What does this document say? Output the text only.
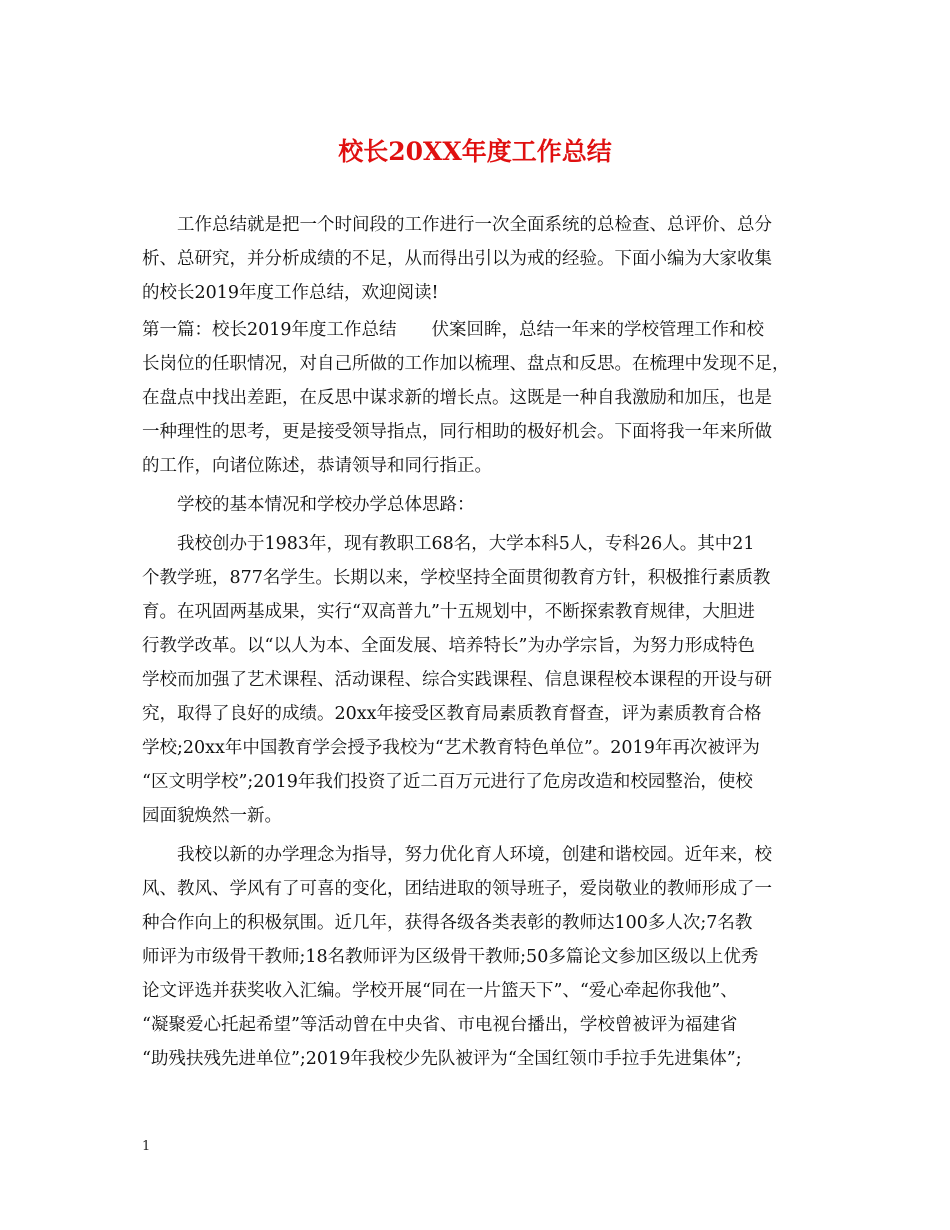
校长20XX年度工作总结
工作总结就是把一个时间段的工作进行一次全面系统的总检查、总评价、总分
析、总研究，并分析成绩的不足，从而得出引以为戒的经验。下面小编为大家收集
的校长2019年度工作总结，欢迎阅读!
第一篇：校长2019年度工作总结　　伏案回眸，总结一年来的学校管理工作和校
长岗位的任职情况，对自己所做的工作加以梳理、盘点和反思。在梳理中发现不足，
在盘点中找出差距，在反思中谋求新的增长点。这既是一种自我激励和加压，也是
一种理性的思考，更是接受领导指点，同行相助的极好机会。下面将我一年来所做
的工作，向诸位陈述，恭请领导和同行指正。
学校的基本情况和学校办学总体思路：
我校创办于1983年，现有教职工68名，大学本科5人，专科26人。其中21
个教学班，877名学生。长期以来，学校坚持全面贯彻教育方针，积极推行素质教
育。在巩固两基成果，实行“双高普九”十五规划中，不断探索教育规律，大胆进
行教学改革。以“以人为本、全面发展、培养特长”为办学宗旨，为努力形成特色
学校而加强了艺术课程、活动课程、综合实践课程、信息课程校本课程的开设与研
究，取得了良好的成绩。20xx年接受区教育局素质教育督查，评为素质教育合格
学校;20xx年中国教育学会授予我校为“艺术教育特色单位”。2019年再次被评为
“区文明学校”;2019年我们投资了近二百万元进行了危房改造和校园整治，使校
园面貌焕然一新。
我校以新的办学理念为指导，努力优化育人环境，创建和谐校园。近年来，校
风、教风、学风有了可喜的变化，团结进取的领导班子，爱岗敬业的教师形成了一
种合作向上的积极氛围。近几年，获得各级各类表彰的教师达100多人次;7名教
师评为市级骨干教师;18名教师评为区级骨干教师;50多篇论文参加区级以上优秀
论文评选并获奖收入汇编。学校开展“同在一片篮天下”、“爱心牵起你我他”、
“凝聚爱心托起希望”等活动曾在中央省、市电视台播出，学校曾被评为福建省
“助残扶残先进单位”;2019年我校少先队被评为“全国红领巾手拉手先进集体”;
1
